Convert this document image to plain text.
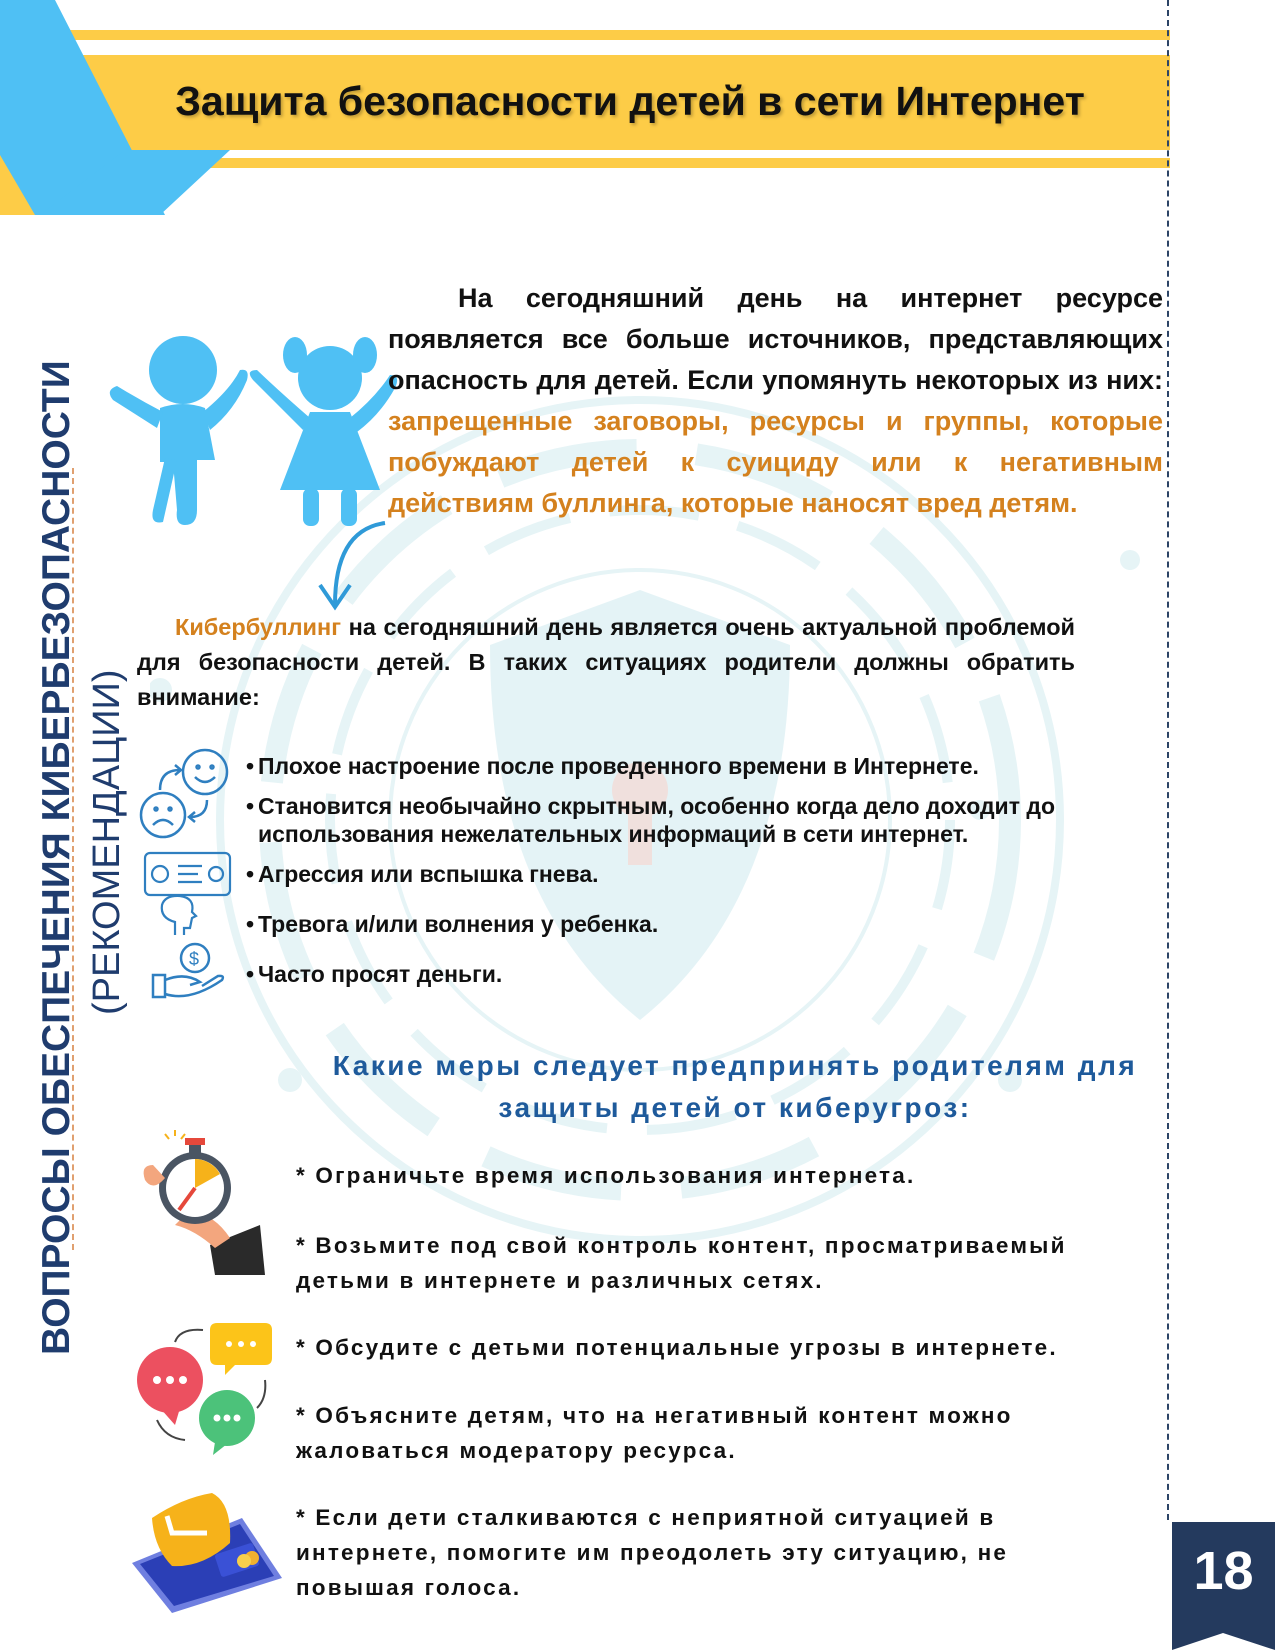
Защита безопасности детей в сети Интернет
ВОПРОСЫ ОБЕСПЕЧЕНИЯ КИБЕРБЕЗОПАСНОСТИ (РЕКОМЕНДАЦИИ)
На сегодняшний день на интернет ресурсе появляется все больше источников, представляющих опасность для детей. Если упомянуть некоторых из них: запрещенные заговоры, ресурсы и группы, которые побуждают детей к суициду или к негативным действиям буллинга, которые наносят вред детям.
Кибербуллинг на сегодняшний день является очень актуальной проблемой для безопасности детей. В таких ситуациях родители должны обратить внимание:
$
• Плохое настроение после проведенного времени в Интернете.
• Становится необычайно скрытным, особенно когда дело доходит до использования нежелательных информаций в сети интернет.
• Агрессия или вспышка гнева.
• Тревога и/или волнения у ребенка.
• Часто просят деньги.
Какие меры следует предпринять родителям для
защиты детей от киберугроз:
* Ограничьте время использования интернета.
* Возьмите под свой контроль контент, просматриваемый детьми в интернете и различных сетях.
* Обсудите с детьми потенциальные угрозы в интернете.
* Объясните детям, что на негативный контент можно жаловаться модератору ресурса.
* Если дети сталкиваются с неприятной ситуацией в интернете, помогите им преодолеть эту ситуацию, не повышая голоса.	18
